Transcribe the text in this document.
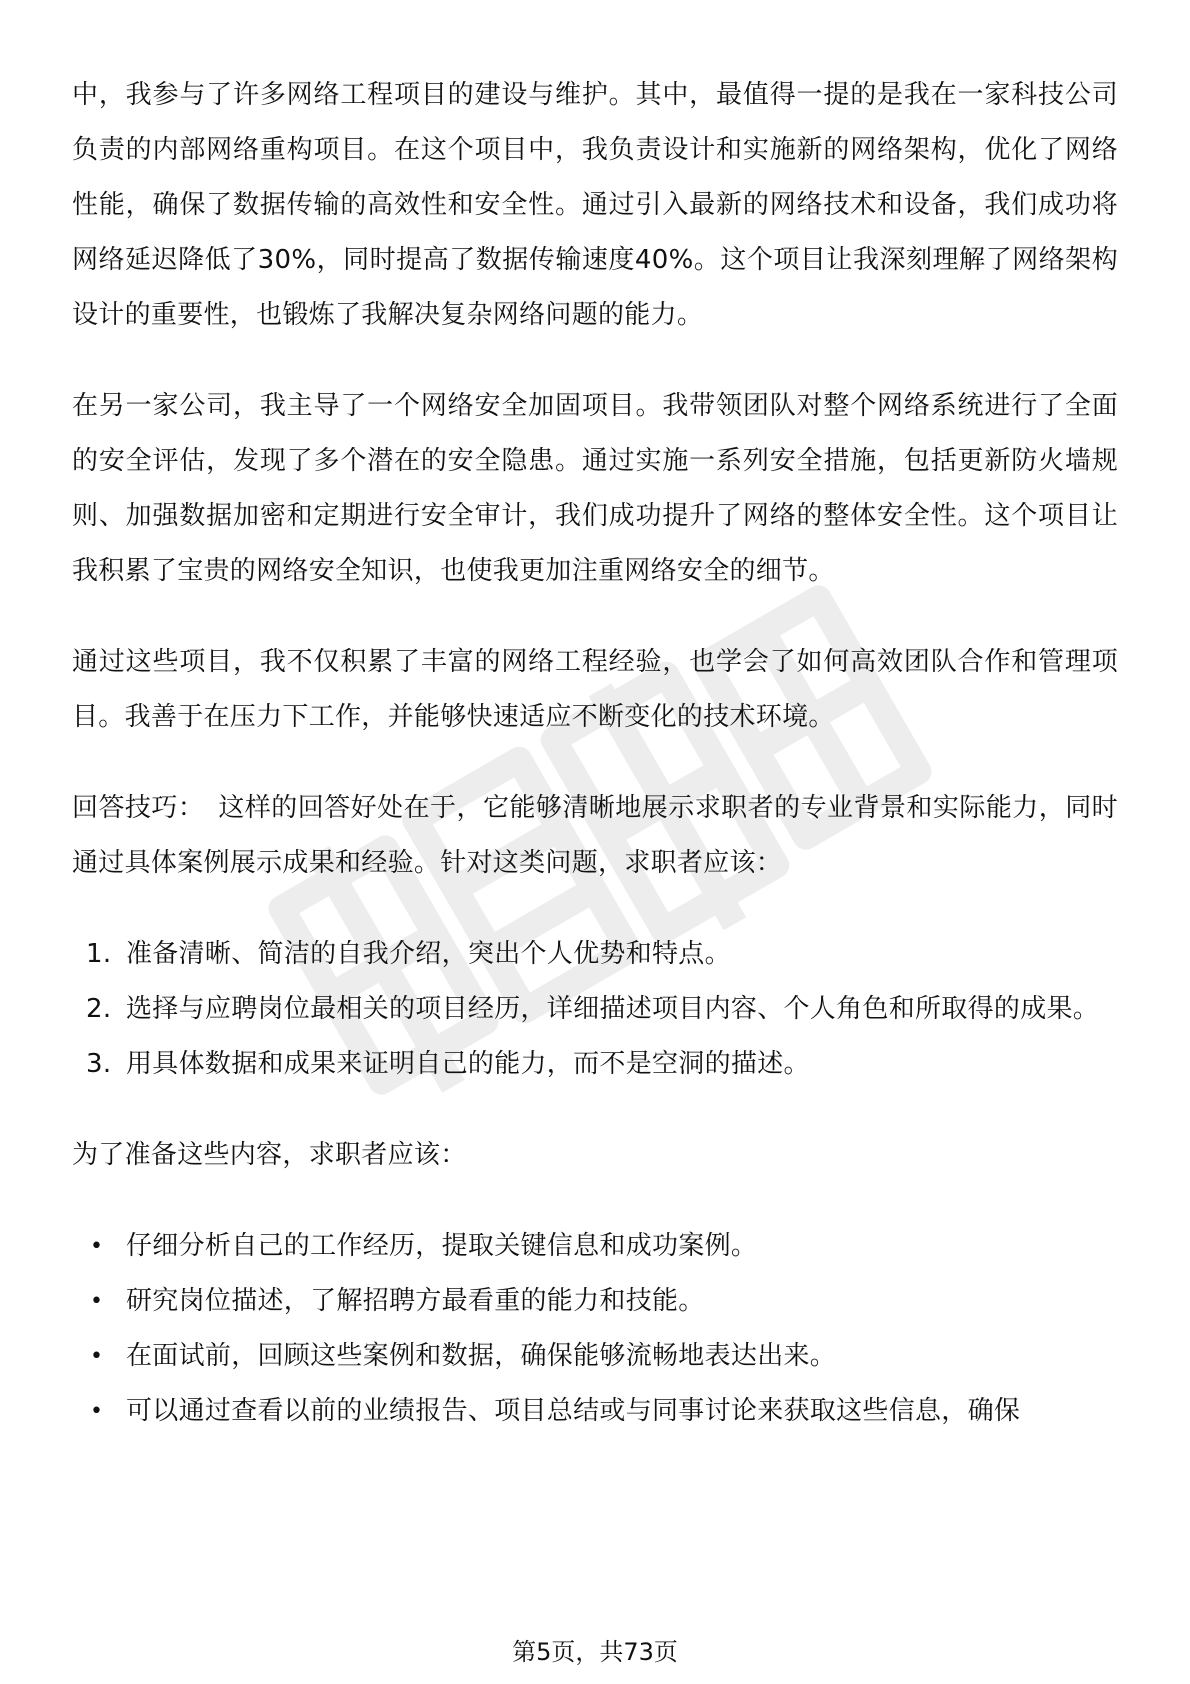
中，我参与了许多网络工程项目的建设与维护。其中，最值得一提的是我在一家科技公司负责的内部网络重构项目。在这个项目中，我负责设计和实施新的网络架构，优化了网络性能，确保了数据传输的高效性和安全性。通过引入最新的网络技术和设备，我们成功将网络延迟降低了30%，同时提高了数据传输速度40%。这个项目让我深刻理解了网络架构设计的重要性，也锻炼了我解决复杂网络问题的能力。

在另一家公司，我主导了一个网络安全加固项目。我带领团队对整个网络系统进行了全面的安全评估，发现了多个潜在的安全隐患。通过实施一系列安全措施，包括更新防火墙规则、加强数据加密和定期进行安全审计，我们成功提升了网络的整体安全性。这个项目让我积累了宝贵的网络安全知识，也使我更加注重网络安全的细节。

通过这些项目，我不仅积累了丰富的网络工程经验，也学会了如何高效团队合作和管理项目。我善于在压力下工作，并能够快速适应不断变化的技术环境。

回答技巧： 这样的回答好处在于，它能够清晰地展示求职者的专业背景和实际能力，同时通过具体案例展示成果和经验。针对这类问题，求职者应该：

1. 准备清晰、简洁的自我介绍，突出个人优势和特点。
2. 选择与应聘岗位最相关的项目经历，详细描述项目内容、个人角色和所取得的成果。
3. 用具体数据和成果来证明自己的能力，而不是空洞的描述。

为了准备这些内容，求职者应该：

• 仔细分析自己的工作经历，提取关键信息和成功案例。
• 研究岗位描述，了解招聘方最看重的能力和技能。
• 在面试前，回顾这些案例和数据，确保能够流畅地表达出来。
• 可以通过查看以前的业绩报告、项目总结或与同事讨论来获取这些信息，确保
第5页，共73页
